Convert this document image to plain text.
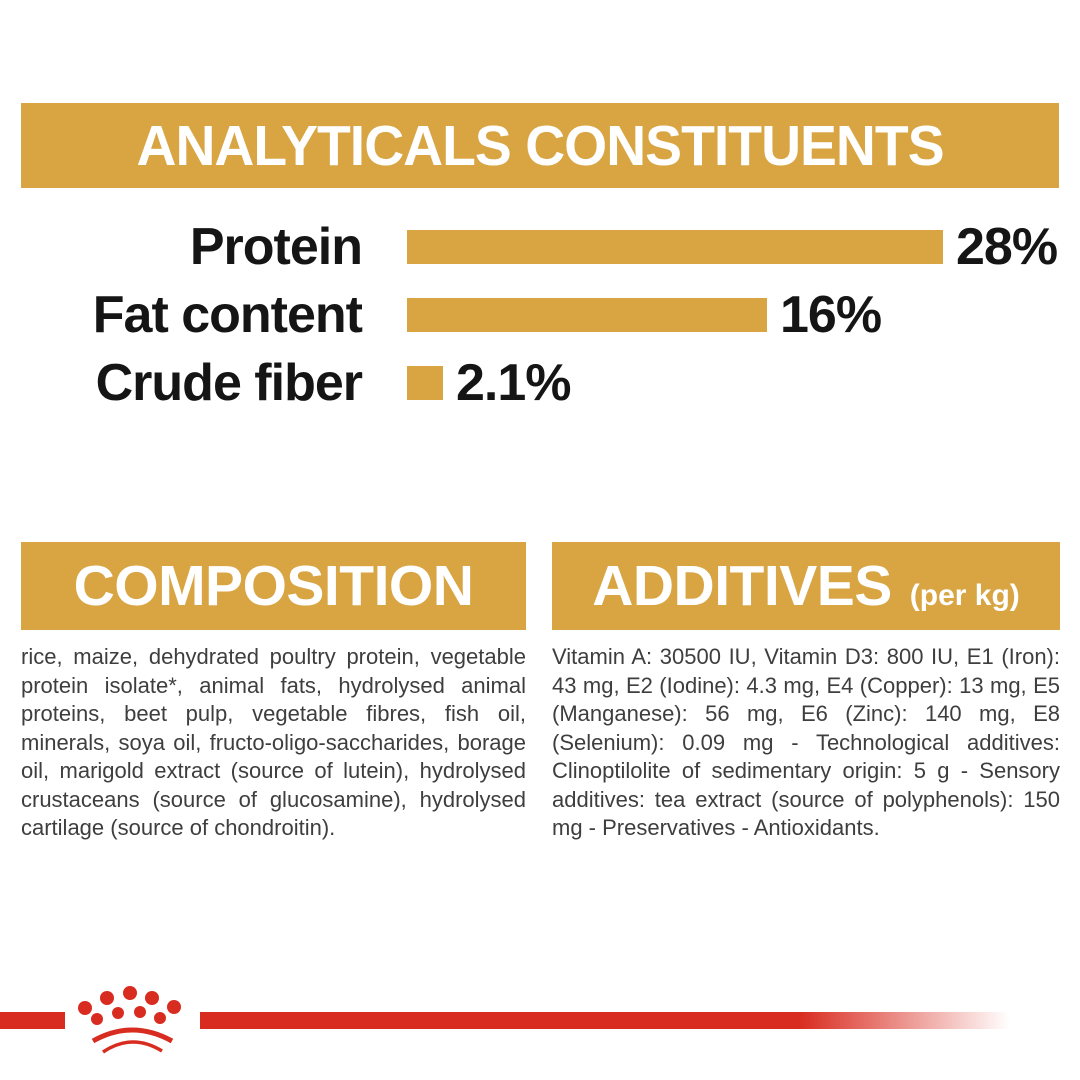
ANALYTICALS CONSTITUENTS
Protein	28%
Fat content	16%
Crude fiber 2.1%
COMPOSITION
rice, maize, dehydrated poultry protein, vegetable protein isolate*, animal fats, hydrolysed animal proteins, beet pulp, vegetable fibres, fish oil, minerals, soya oil, fructo-oligo-saccharides, borage oil, marigold extract (source of lutein), hydrolysed crustaceans (source of glucosamine), hydrolysed cartilage (source of chondroitin).
ADDITIVES (per kg)
Vitamin A: 30500 IU, Vitamin D3: 800 IU, E1 (Iron): 43 mg, E2 (Iodine): 4.3 mg, E4 (Copper): 13 mg, E5 (Manganese): 56 mg, E6 (Zinc): 140 mg, E8 (Selenium): 0.09 mg - Technological additives: Clinoptilolite of sedimentary origin: 5 g - Sensory additives: tea extract (source of polyphenols): 150 mg - Preservatives - Antioxidants.
